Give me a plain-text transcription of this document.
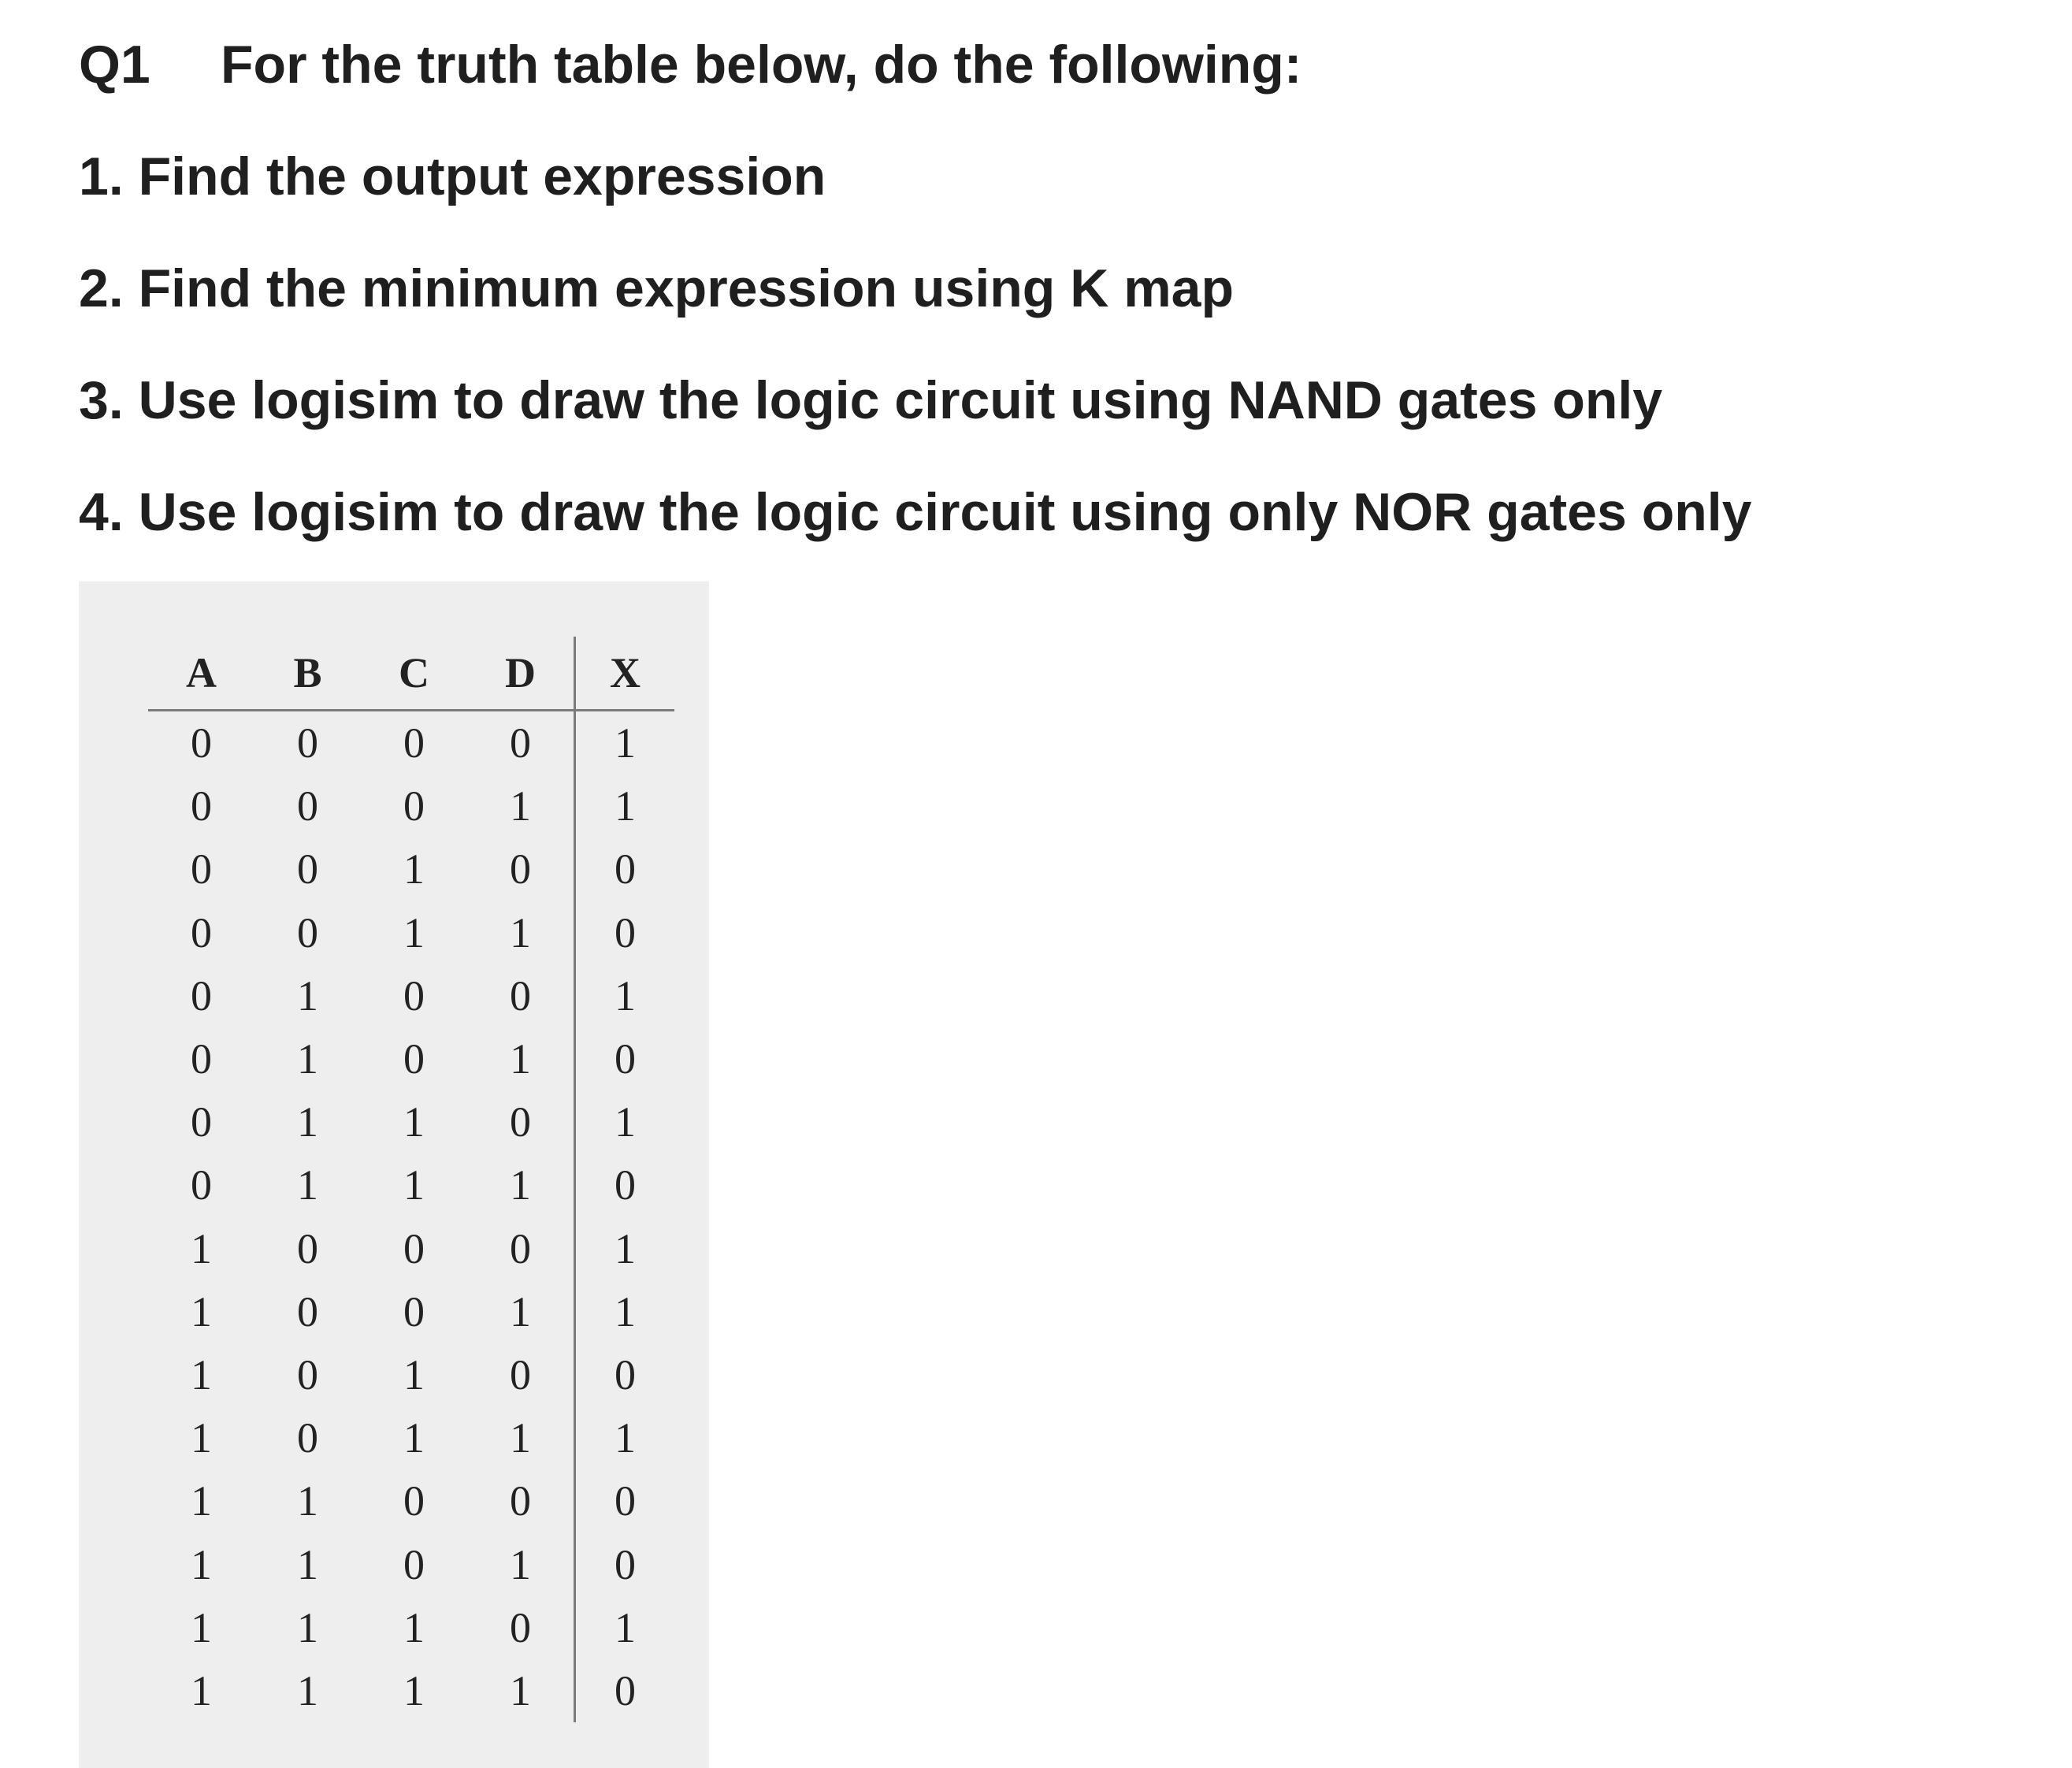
Q1	For the truth table below, do the following:
1. Find the output expression
2. Find the minimum expression using K map
3. Use logisim to draw the logic circuit using NAND gates only
4. Use logisim to draw the logic circuit using only NOR gates only
A	B	C	D	X
0	0	0	0	1
0	0	0	1	1
0	0	1	0	0
0	0	1	1	0
0	1	0	0	1
0	1	0	1	0
0	1	1	0	1
0	1	1	1	0
1	0	0	0	1
1	0	0	1	1
1	0	1	0	0
1	0	1	1	1
1	1	0	0	0
1	1	0	1	0
1	1	1	0	1
1	1	1	1	0
